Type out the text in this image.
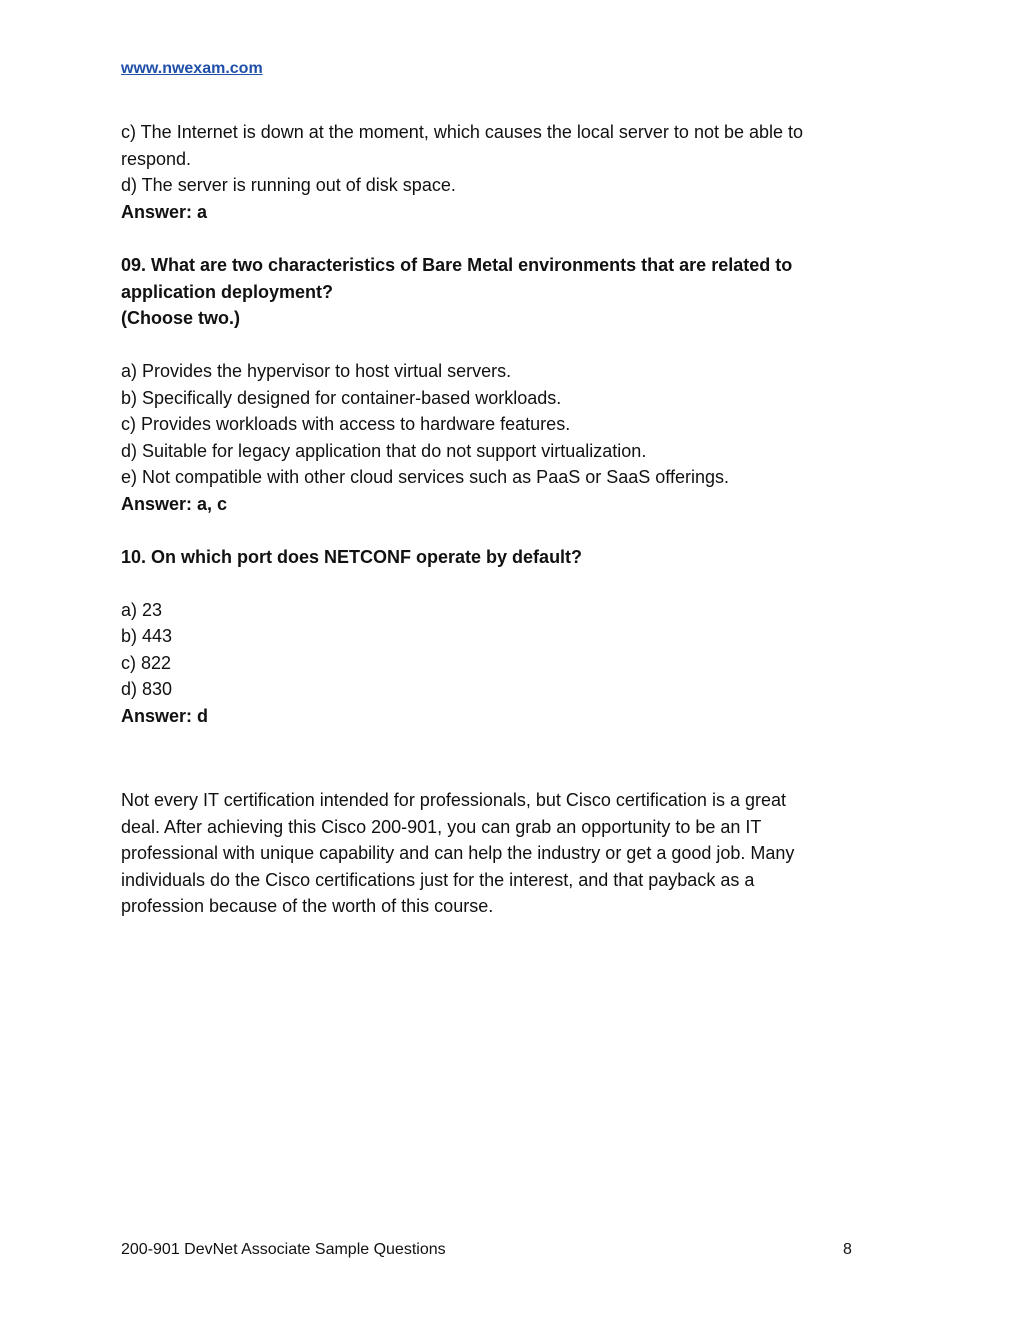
www.nwexam.com
c) The Internet is down at the moment, which causes the local server to not be able to
respond.
d) The server is running out of disk space.
Answer: a
09. What are two characteristics of Bare Metal environments that are related to
application deployment?
(Choose two.)
a) Provides the hypervisor to host virtual servers.
b) Specifically designed for container-based workloads.
c) Provides workloads with access to hardware features.
d) Suitable for legacy application that do not support virtualization.
e) Not compatible with other cloud services such as PaaS or SaaS offerings.
Answer: a, c
10. On which port does NETCONF operate by default?
a) 23
b) 443
c) 822
d) 830
Answer: d
Not every IT certification intended for professionals, but Cisco certification is a great
deal. After achieving this Cisco 200-901, you can grab an opportunity to be an IT
professional with unique capability and can help the industry or get a good job. Many
individuals do the Cisco certifications just for the interest, and that payback as a
profession because of the worth of this course.
200-901 DevNet Associate Sample Questions	8
